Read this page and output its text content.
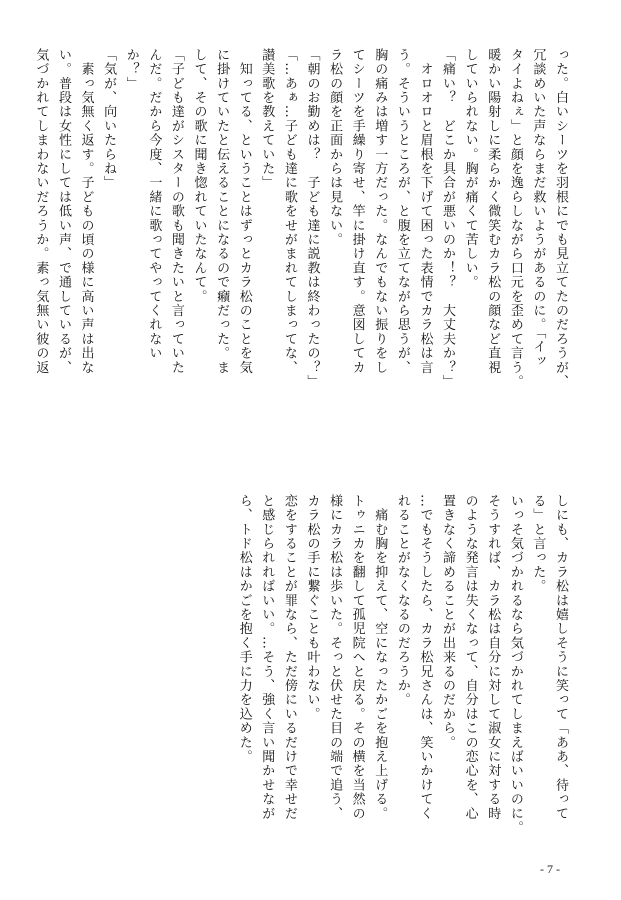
った。白いシーツを羽根にでも見立てたのだろうが、
冗談めいた声ならまだ救いようがあるのに。「イッ
タイよねぇ」と顔を逸らしながら口元を歪めて言う。
暖かい陽射しに柔らかく微笑むカラ松の顔など直視
していられない。胸が痛くて苦しい。
「痛い？　どこか具合が悪いのか！？　大丈夫か？」
　オロオロと眉根を下げて困った表情でカラ松は言
う。そういうところが、と腹を立てながら思うが、
胸の痛みは増す一方だった。なんでもない振りをし
てシーツを手繰り寄せ、竿に掛け直す。意図してカ
ラ松の顔を正面からは見ない。
「朝のお勤めは？　子ども達に説教は終わったの？」
「…あぁ…子ども達に歌をせがまれてしまってな、
讃美歌を教えていた」
　知ってる、ということはずっとカラ松のことを気
に掛けていたと伝えることになるので癪だった。ま
して、その歌に聞き惚れていたなんて。
「子ども達がシスターの歌も聞きたいと言っていた
んだ。だから今度、一緒に歌ってやってくれない
か？」
「気が、向いたらね」
　素っ気無く返す。子どもの頃の様に高い声は出な
い。普段は女性にしては低い声、で通しているが、
気づかれてしまわないだろうか。素っ気無い彼の返
しにも、カラ松は嬉しそうに笑って「ああ、待って
る」と言った。
いっそ気づかれるなら気づかれてしまえばいいのに。
そうすれば、カラ松は自分に対して淑女に対する時
のような発言は失くなって、自分はこの恋心を、心
置きなく諦めることが出来るのだから。
…でもそうしたら、カラ松兄さんは、笑いかけてく
れることがなくなるのだろうか。
　痛む胸を抑えて、空になったかごを抱え上げる。
トゥニカを翻して孤児院へと戻る。その横を当然の
様にカラ松は歩いた。そっと伏せた目の端で追う、
カラ松の手に繋ぐことも叶わない。
恋をすることが罪なら、ただ傍にいるだけで幸せだ
と感じられればいい。…そう、強く言い聞かせなが
ら、トド松はかごを抱く手に力を込めた。
- 7 -
